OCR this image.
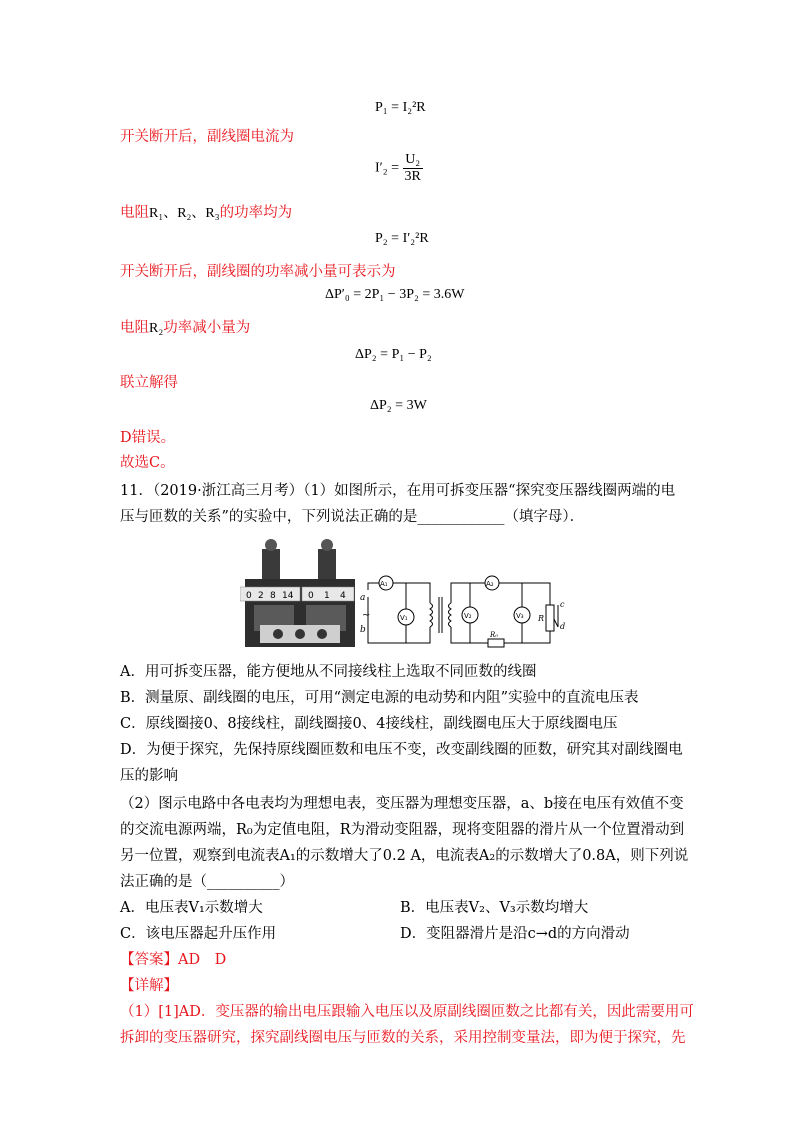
P₁ = I₂²R
开关断开后，副线圈电流为
$I'_2 = \frac{\text{U₂}}{3R}$
电阻R₁、R₂、R₃的功率均为
P₂ = I′₂²R
开关断开后，副线圈的功率减小量可表示为
ΔP′₀ = 2P₁ − 3P₂ = 3.6W
电阻R₂功率减小量为
ΔP₂ = P₁ − P₂
联立解得
ΔP₂ = 3W
D错误。
故选C。
11．（2019·浙江高三月考）（1）如图所示，在用可拆变压器“探究变压器线圈两端的电
压与匝数的关系”的实验中，下列说法正确的是____________（填字母）．
0 2 8 14 0 1 4 a
b
~
A₁
V₁	V₂	V₃
A₂
R₀
R
c
d
A．用可拆变压器，能方便地从不同接线柱上选取不同匝数的线圈
B．测量原、副线圈的电压，可用“测定电源的电动势和内阻”实验中的直流电压表
C．原线圈接0、8接线柱，副线圈接0、4接线柱，副线圈电压大于原线圈电压
D．为便于探究，先保持原线圈匝数和电压不变，改变副线圈的匝数，研究其对副线圈电
压的影响
（2）图示电路中各电表均为理想电表，变压器为理想变压器，a、b接在电压有效值不变
的交流电源两端，R₀为定值电阻，R为滑动变阻器，现将变阻器的滑片从一个位置滑动到
另一位置，观察到电流表A₁的示数增大了0.2 A，电流表A₂的示数增大了0.8A，则下列说
法正确的是（__________）
A．电压表V₁示数增大	B．电压表V₂、V₃示数均增大
C．该电压器起升压作用	D．变阻器滑片是沿c→d的方向滑动
【答案】AD　D
【详解】
（1）[1]AD．变压器的输出电压跟输入电压以及原副线圈匝数之比都有关，因此需要用可
拆卸的变压器研究，探究副线圈电压与匝数的关系，采用控制变量法，即为便于探究，先
